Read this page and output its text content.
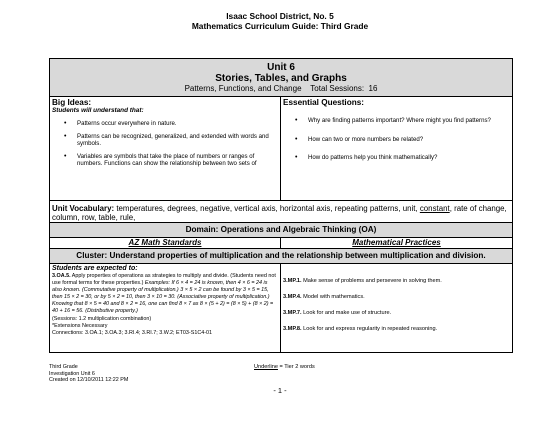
Isaac School District, No. 5
Mathematics Curriculum Guide: Third Grade
Unit 6
Stories, Tables, and Graphs
Patterns, Functions, and Change    Total Sessions:  16
Big Ideas:
Students will understand that:
• Patterns occur everywhere in nature.
• Patterns can be recognized, generalized, and extended with words and symbols.
• Variables are symbols that take the place of numbers or ranges of numbers. Functions can show the relationship between two sets of
Essential Questions:
• Why are finding patterns important? Where might you find patterns?
• How can two or more numbers be related?
• How do patterns help you think mathematically?
Unit Vocabulary: temperatures, degrees, negative, vertical axis, horizontal axis, repeating patterns, unit, constant, rate of change, column, row, table, rule,
Domain: Operations and Algebraic Thinking (OA)
AZ Math Standards	Mathematical Practices
Cluster: Understand properties of multiplication and the relationship between multiplication and division.
Students are expected to:
3.OA.5. Apply properties of operations as strategies to multiply and divide. (Students need not use formal terms for these properties.) Examples: If 6 × 4 = 24 is known, then 4 × 6 = 24 is also known. (Commutative property of multiplication.) 3 × 5 × 2 can be found by 3 × 5 = 15, then 15 × 2 = 30, or by 5 × 2 = 10, then 3 × 10 = 30. (Associative property of multiplication.) Knowing that 8 × 5 = 40 and 8 × 2 = 16, one can find 8 × 7 as 8 × (5 + 2) = (8 × 5) + (8 × 2) = 40 + 16 = 56. (Distributive property.)
(Sessions: 1.2 multiplication combination)
*Extensions Necessary
Connections: 3.OA.1; 3.OA.3; 3.RI.4; 3.RI.7; 3.W.2; ET03-S1C4-01
3.MP.1. Make sense of problems and persevere in solving them.
3.MP.4. Model with mathematics.
3.MP.7. Look for and make use of structure.
3.MP.8. Look for and express regularity in repeated reasoning.
Third Grade
Investigation Unit 6
Created on 12/10/2011 12:22 PM
Underline = Tier 2 words
- 1 -
